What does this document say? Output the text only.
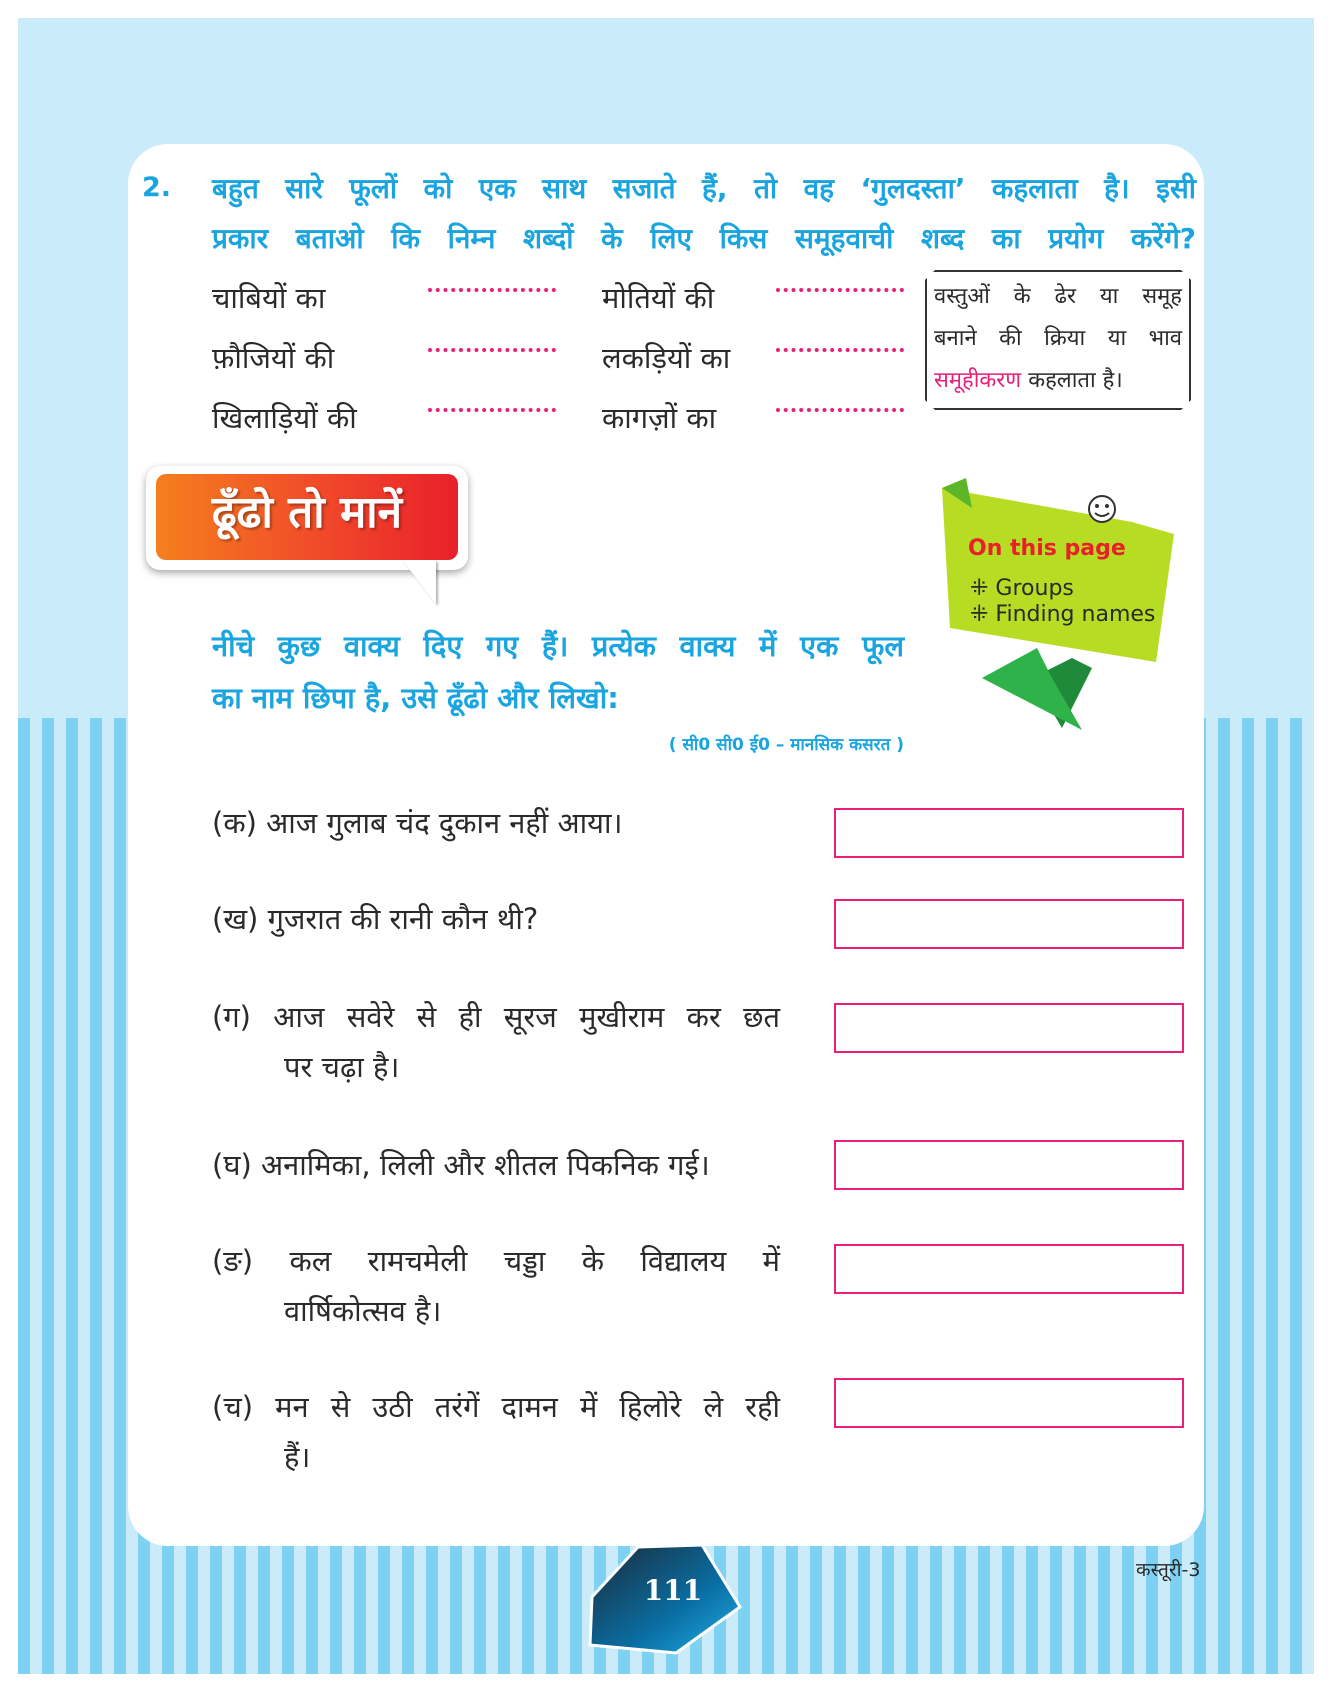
2. बहुत सारे फूलों को एक साथ सजाते हैं, तो वह ‘गुलदस्ता’ कहलाता है। इसी
प्रकार बताओ कि निम्न शब्दों के लिए किस समूहवाची शब्द का प्रयोग करेंगे?
चाबियों का	मोतियों की
फ़ौजियों की	लकड़ियों का
खिलाड़ियों की	कागज़ों का
वस्तुओं के ढेर या समूह
बनाने की क्रिया या भाव
समूहीकरण कहलाता है।
ढूँढो तो मानें
On this page
⁜ Groups
⁜ Finding names
नीचे कुछ वाक्य दिए गए हैं। प्रत्येक वाक्य में एक फूल
का नाम छिपा है, उसे ढूँढो और लिखो:
( सी0 सी0 ई0 – मानसिक कसरत )
(क) आज गुलाब चंद दुकान नहीं आया।
(ख) गुजरात की रानी कौन थी?
(ग) आज सवेरे से ही सूरज मुखीराम कर छत
पर चढ़ा है।
(घ) अनामिका, लिली और शीतल पिकनिक गई।
(ङ) कल रामचमेली चड्डा के विद्यालय में
वार्षिकोत्सव है।
(च) मन से उठी तरंगें दामन में हिलोरे ले रही
हैं।
कस्तूरी-3
111
